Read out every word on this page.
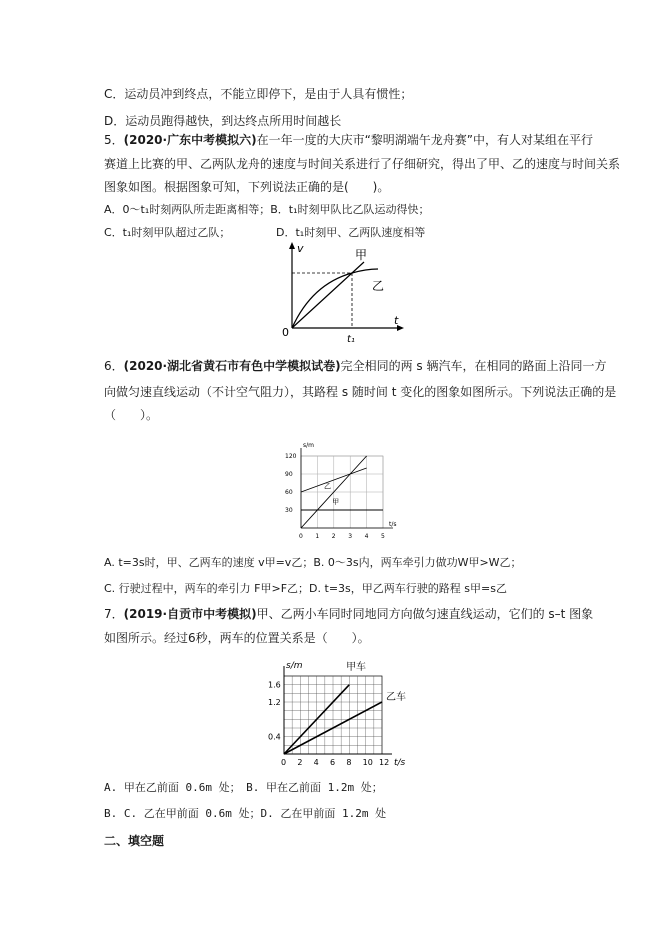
C．运动员冲到终点，不能立即停下，是由于人具有惯性；
D．运动员跑得越快，到达终点所用时间越长
5．(2020·广东中考模拟六)在一年一度的大庆市“黎明湖端午龙舟赛”中，有人对某组在平行
赛道上比赛的甲、乙两队龙舟的速度与时间关系进行了仔细研究，得出了甲、乙的速度与时间关系
图象如图。根据图象可知，下列说法正确的是(　　)。
A．0～t₁时刻两队所走距离相等；B．t₁时刻甲队比乙队运动得快；
C．t₁时刻甲队超过乙队；	D．t₁时刻甲、乙两队速度相等
v
t
0
t₁
甲
乙
6．(2020·湖北省黄石市有色中学模拟试卷)完全相同的两 s 辆汽车，在相同的路面上沿同一方
向做匀速直线运动（不计空气阻力），其路程 s 随时间 t 变化的图象如图所示。下列说法正确的是
（　　）。
0 1 2 3 4 5
30
60
90
120
t/s
s/m
甲
乙
A. t=3s时，甲、乙两车的速度 v甲=v乙；B. 0～3s内，两车牵引力做功W甲>W乙；
C. 行驶过程中，两车的牵引力 F甲>F乙；D. t=3s，甲乙两车行驶的路程 s甲=s乙
7．(2019·自贡市中考模拟)甲、乙两小车同时同地同方向做匀速直线运动，它们的 s–t 图象
如图所示。经过6秒，两车的位置关系是（　　）。
0 2 4 6 8 10 12
0.4
1.2
1.6
t/s
s/m	甲车
乙车
A. 甲在乙前面 0.6m 处；　B. 甲在乙前面 1.2m 处；
B. C. 乙在甲前面 0.6m 处；D. 乙在甲前面 1.2m 处
二、填空题
